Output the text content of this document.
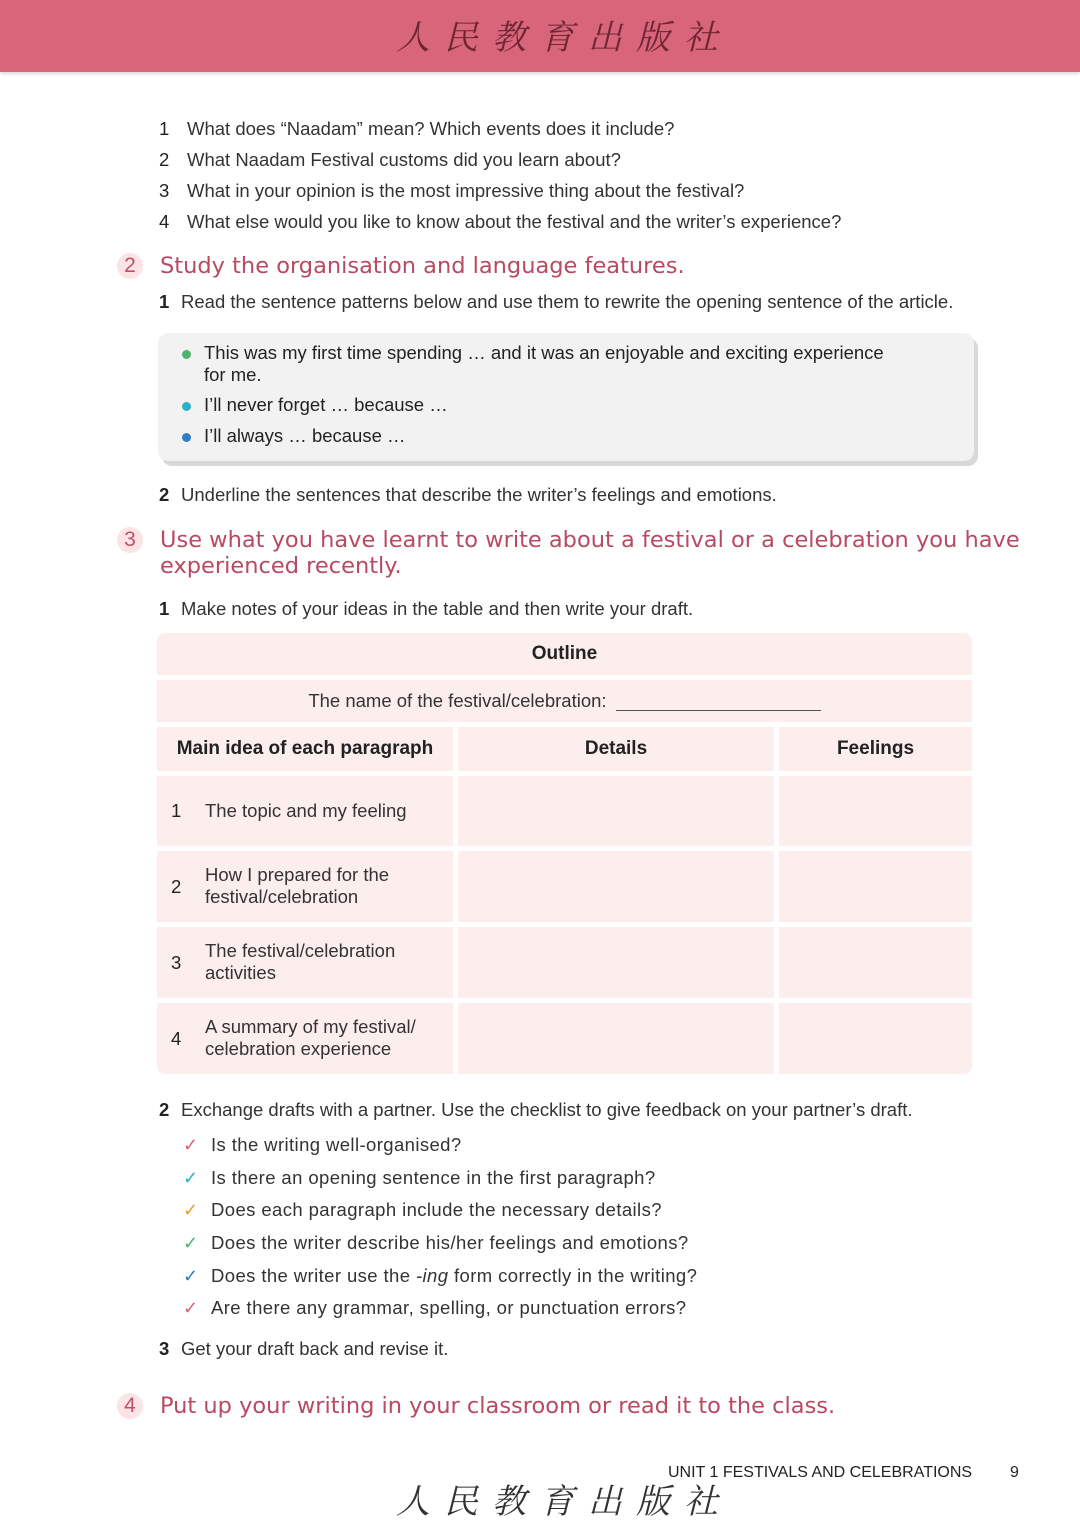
人民教育出版社
1 What does “Naadam” mean? Which events does it include?
2 What Naadam Festival customs did you learn about?
3 What in your opinion is the most impressive thing about the festival?
4 What else would you like to know about the festival and the writer’s experience?
2	Study the organisation and language features.
1 Read the sentence patterns below and use them to rewrite the opening sentence of the article.
This was my first time spending … and it was an enjoyable and exciting experience
for me.
I’ll never forget … because …
I’ll always … because …
2 Underline the sentences that describe the writer’s feelings and emotions.
3	Use what you have learnt to write about a festival or a celebration you have
experienced recently.
1 Make notes of your ideas in the table and then write your draft.
Outline
The name of the festival/celebration:
Main idea of each paragraph	Details	Feelings
1 The topic and my feeling
2
How I prepared for the
festival/celebration
3
The festival/celebration
activities
4
A summary of my festival/
celebration experience
2 Exchange drafts with a partner. Use the checklist to give feedback on your partner’s draft.
✓ Is the writing well-organised?
✓ Is there an opening sentence in the first paragraph?
✓ Does each paragraph include the necessary details?
✓ Does the writer describe his/her feelings and emotions?
✓ Does the writer use the -ing form correctly in the writing?
✓ Are there any grammar, spelling, or punctuation errors?
3 Get your draft back and revise it.
4	Put up your writing in your classroom or read it to the class.
UNIT 1 FESTIVALS AND CELEBRATIONS 9
人民教育出版社
